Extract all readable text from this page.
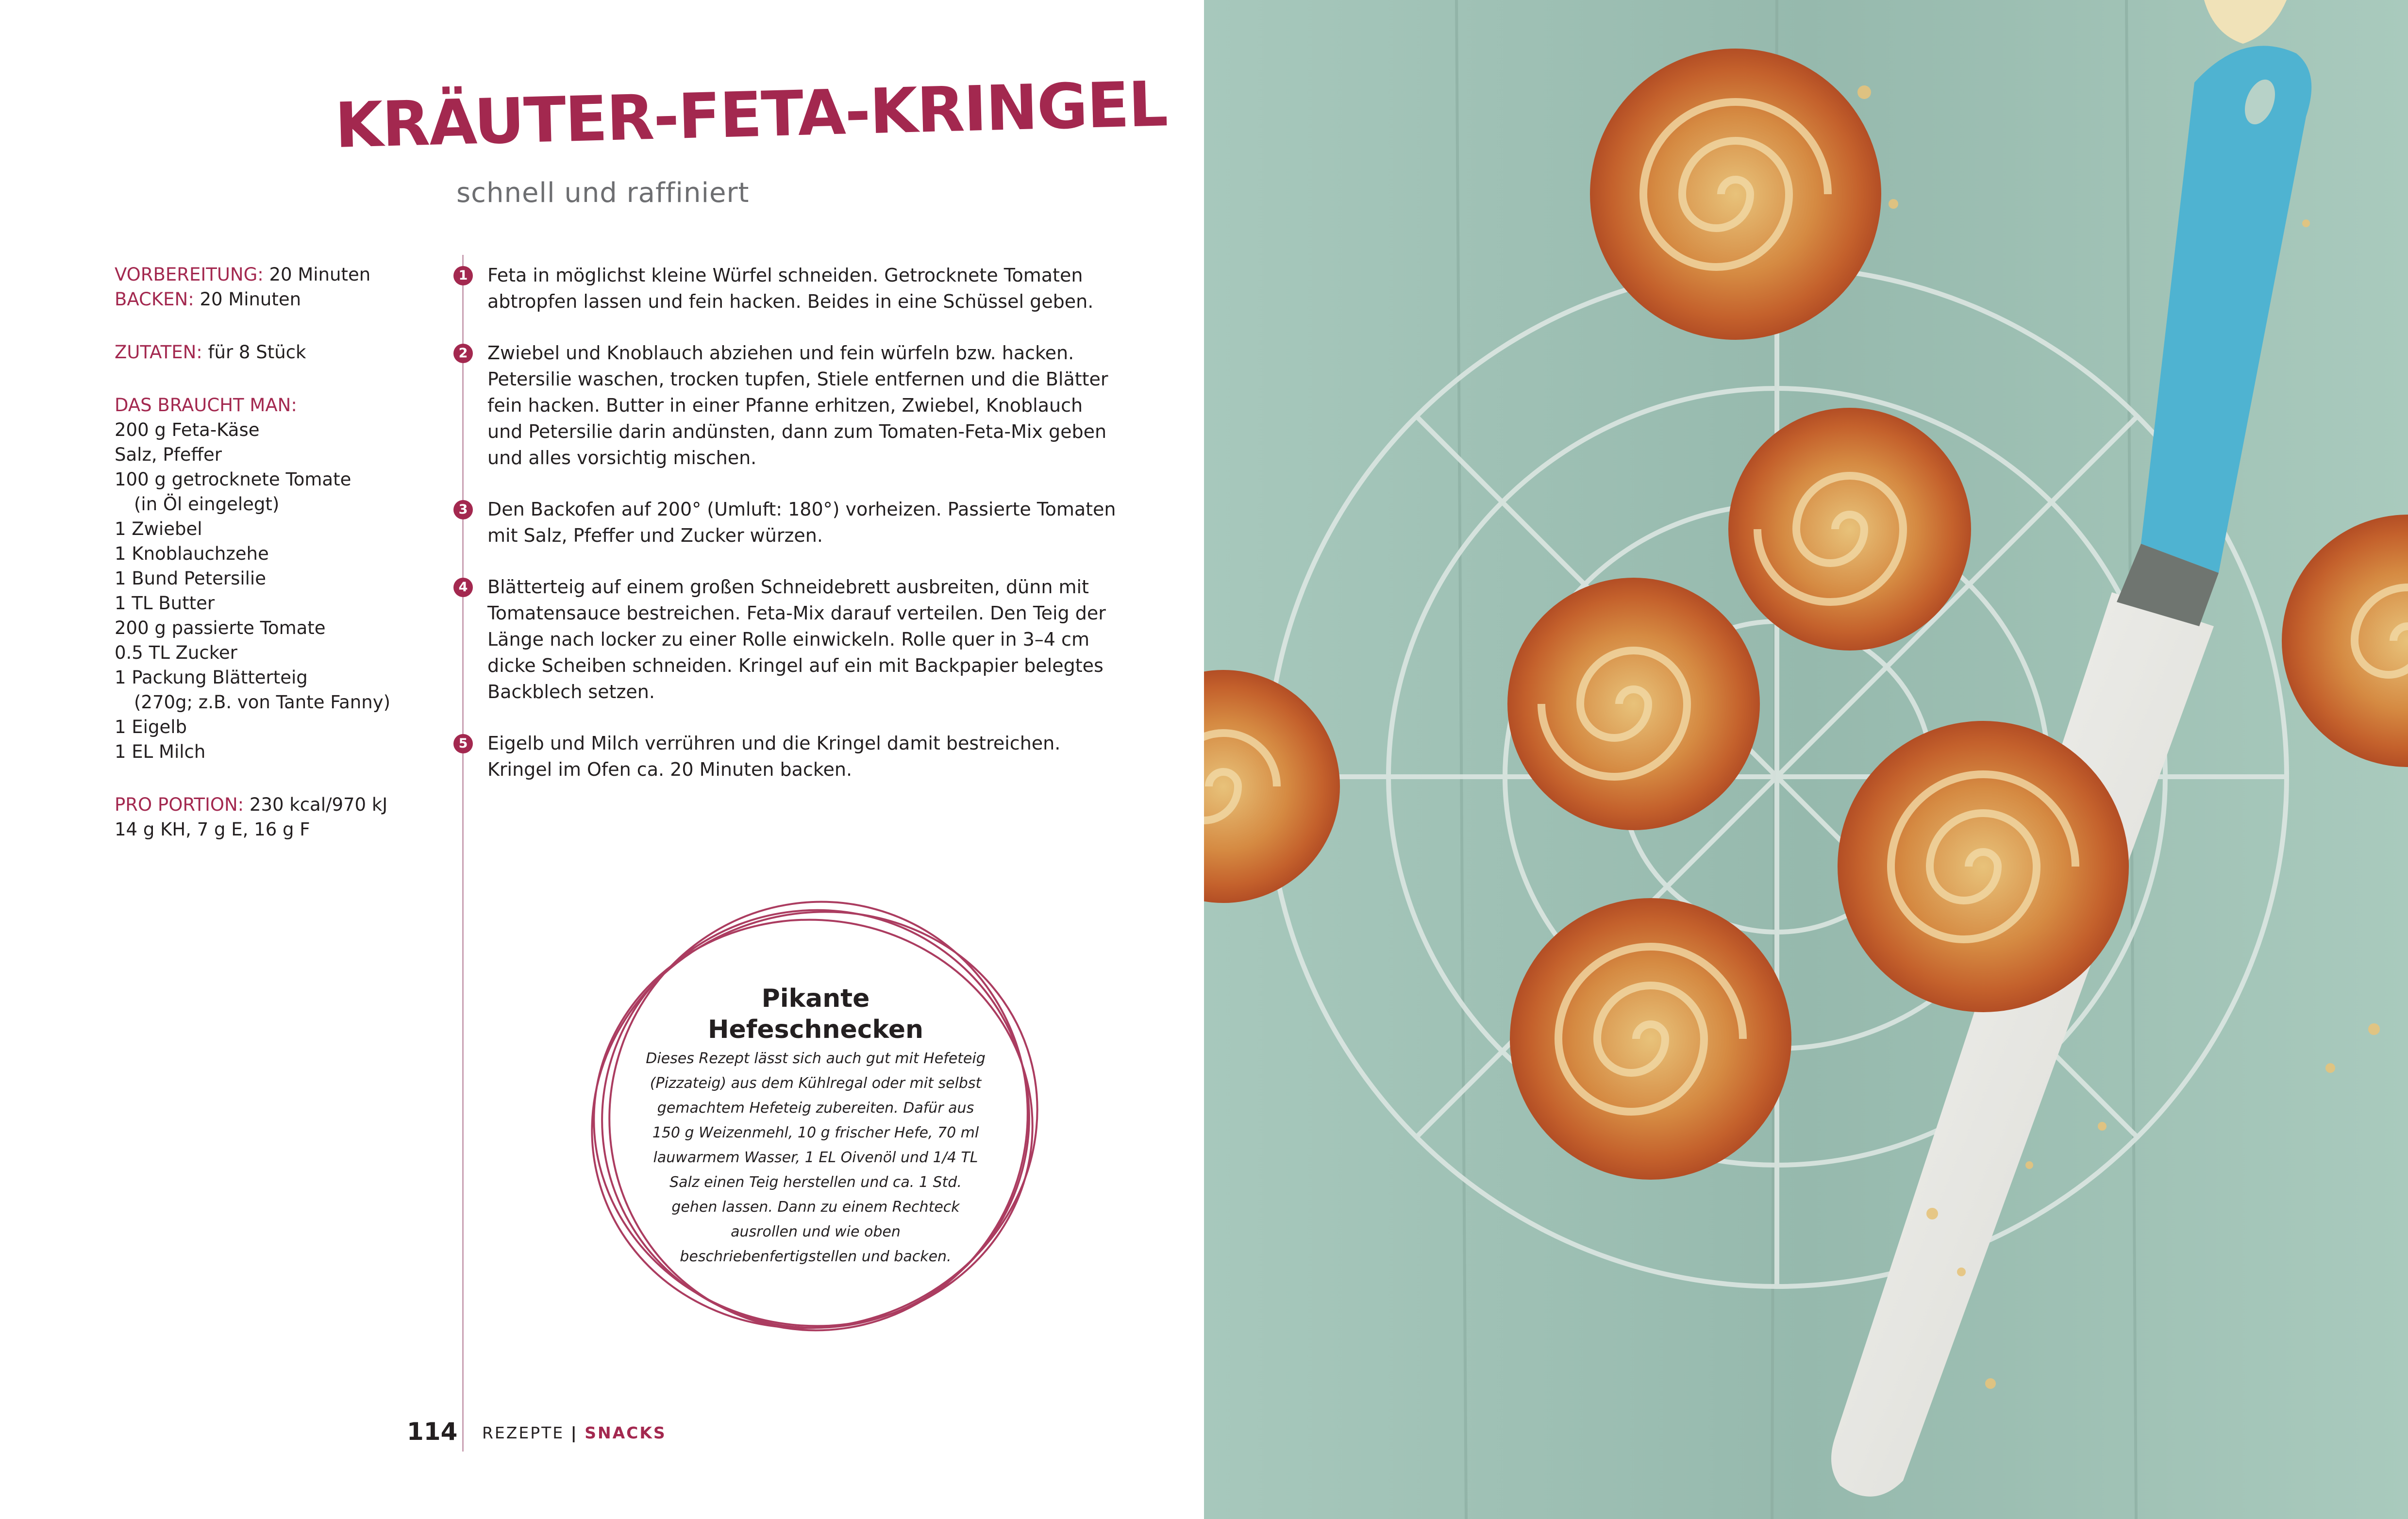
KRÄUTER-FETA-KRINGEL
schnell und raffiniert

VORBEREITUNG: 20 Minuten

BACKEN: 20 Minuten

ZUTATEN: für 8 Stück

DAS BRAUCHT MAN:

200 g Feta-Käse

Salz, Pfeffer

100 g getrocknete Tomate

(in Öl eingelegt)

1 Zwiebel

1 Knoblauchzehe

1 Bund Petersilie

1 TL Butter

200 g passierte Tomate

0.5 TL Zucker

1 Packung Blätterteig

(270g; z.B. von Tante Fanny)

1 Eigelb

1 EL Milch

PRO PORTION: 230 kcal/970 kJ

14 g KH, 7 g E, 16 g F

1 Feta in möglichst kleine Würfel schneiden. Getrocknete Tomaten abtropfen lassen und fein hacken. Beides in eine Schüssel geben.
2 Zwiebel und Knoblauch abziehen und fein würfeln bzw. hacken. Petersilie waschen, trocken tupfen, Stiele entfernen und die Blätter fein hacken. Butter in einer Pfanne erhitzen, Zwiebel, Knoblauch und Petersilie darin andünsten, dann zum Tomaten-Feta-Mix geben und alles vorsichtig mischen.
3 Den Backofen auf 200° (Umluft: 180°) vorheizen. Passierte Tomaten mit Salz, Pfeffer und Zucker würzen.
4 Blätterteig auf einem großen Schneidebrett ausbreiten, dünn mit Tomatensauce bestreichen. Feta-Mix darauf verteilen. Den Teig der Länge nach locker zu einer Rolle einwickeln. Rolle quer in 3–4 cm dicke Scheiben schneiden. Kringel auf ein mit Backpapier belegtes Backblech setzen.
5 Eigelb und Milch verrühren und die Kringel damit bestreichen. Kringel im Ofen ca. 20 Minuten backen.
Pikante
Hefeschnecken
Dieses Rezept lässt sich auch gut mit Hefeteig (Pizzateig) aus dem Kühlregal oder mit selbst gemachtem Hefeteig zubereiten. Dafür aus 150 g Weizenmehl, 10 g frischer Hefe, 70 ml lauwarmem Wasser, 1 EL Oivenöl und 1/4 TL Salz einen Teig herstellen und ca. 1 Std. gehen lassen. Dann zu einem Rechteck ausrollen und wie oben beschriebenfertigstellen und backen.
114 REZEPTE | SNACKS
